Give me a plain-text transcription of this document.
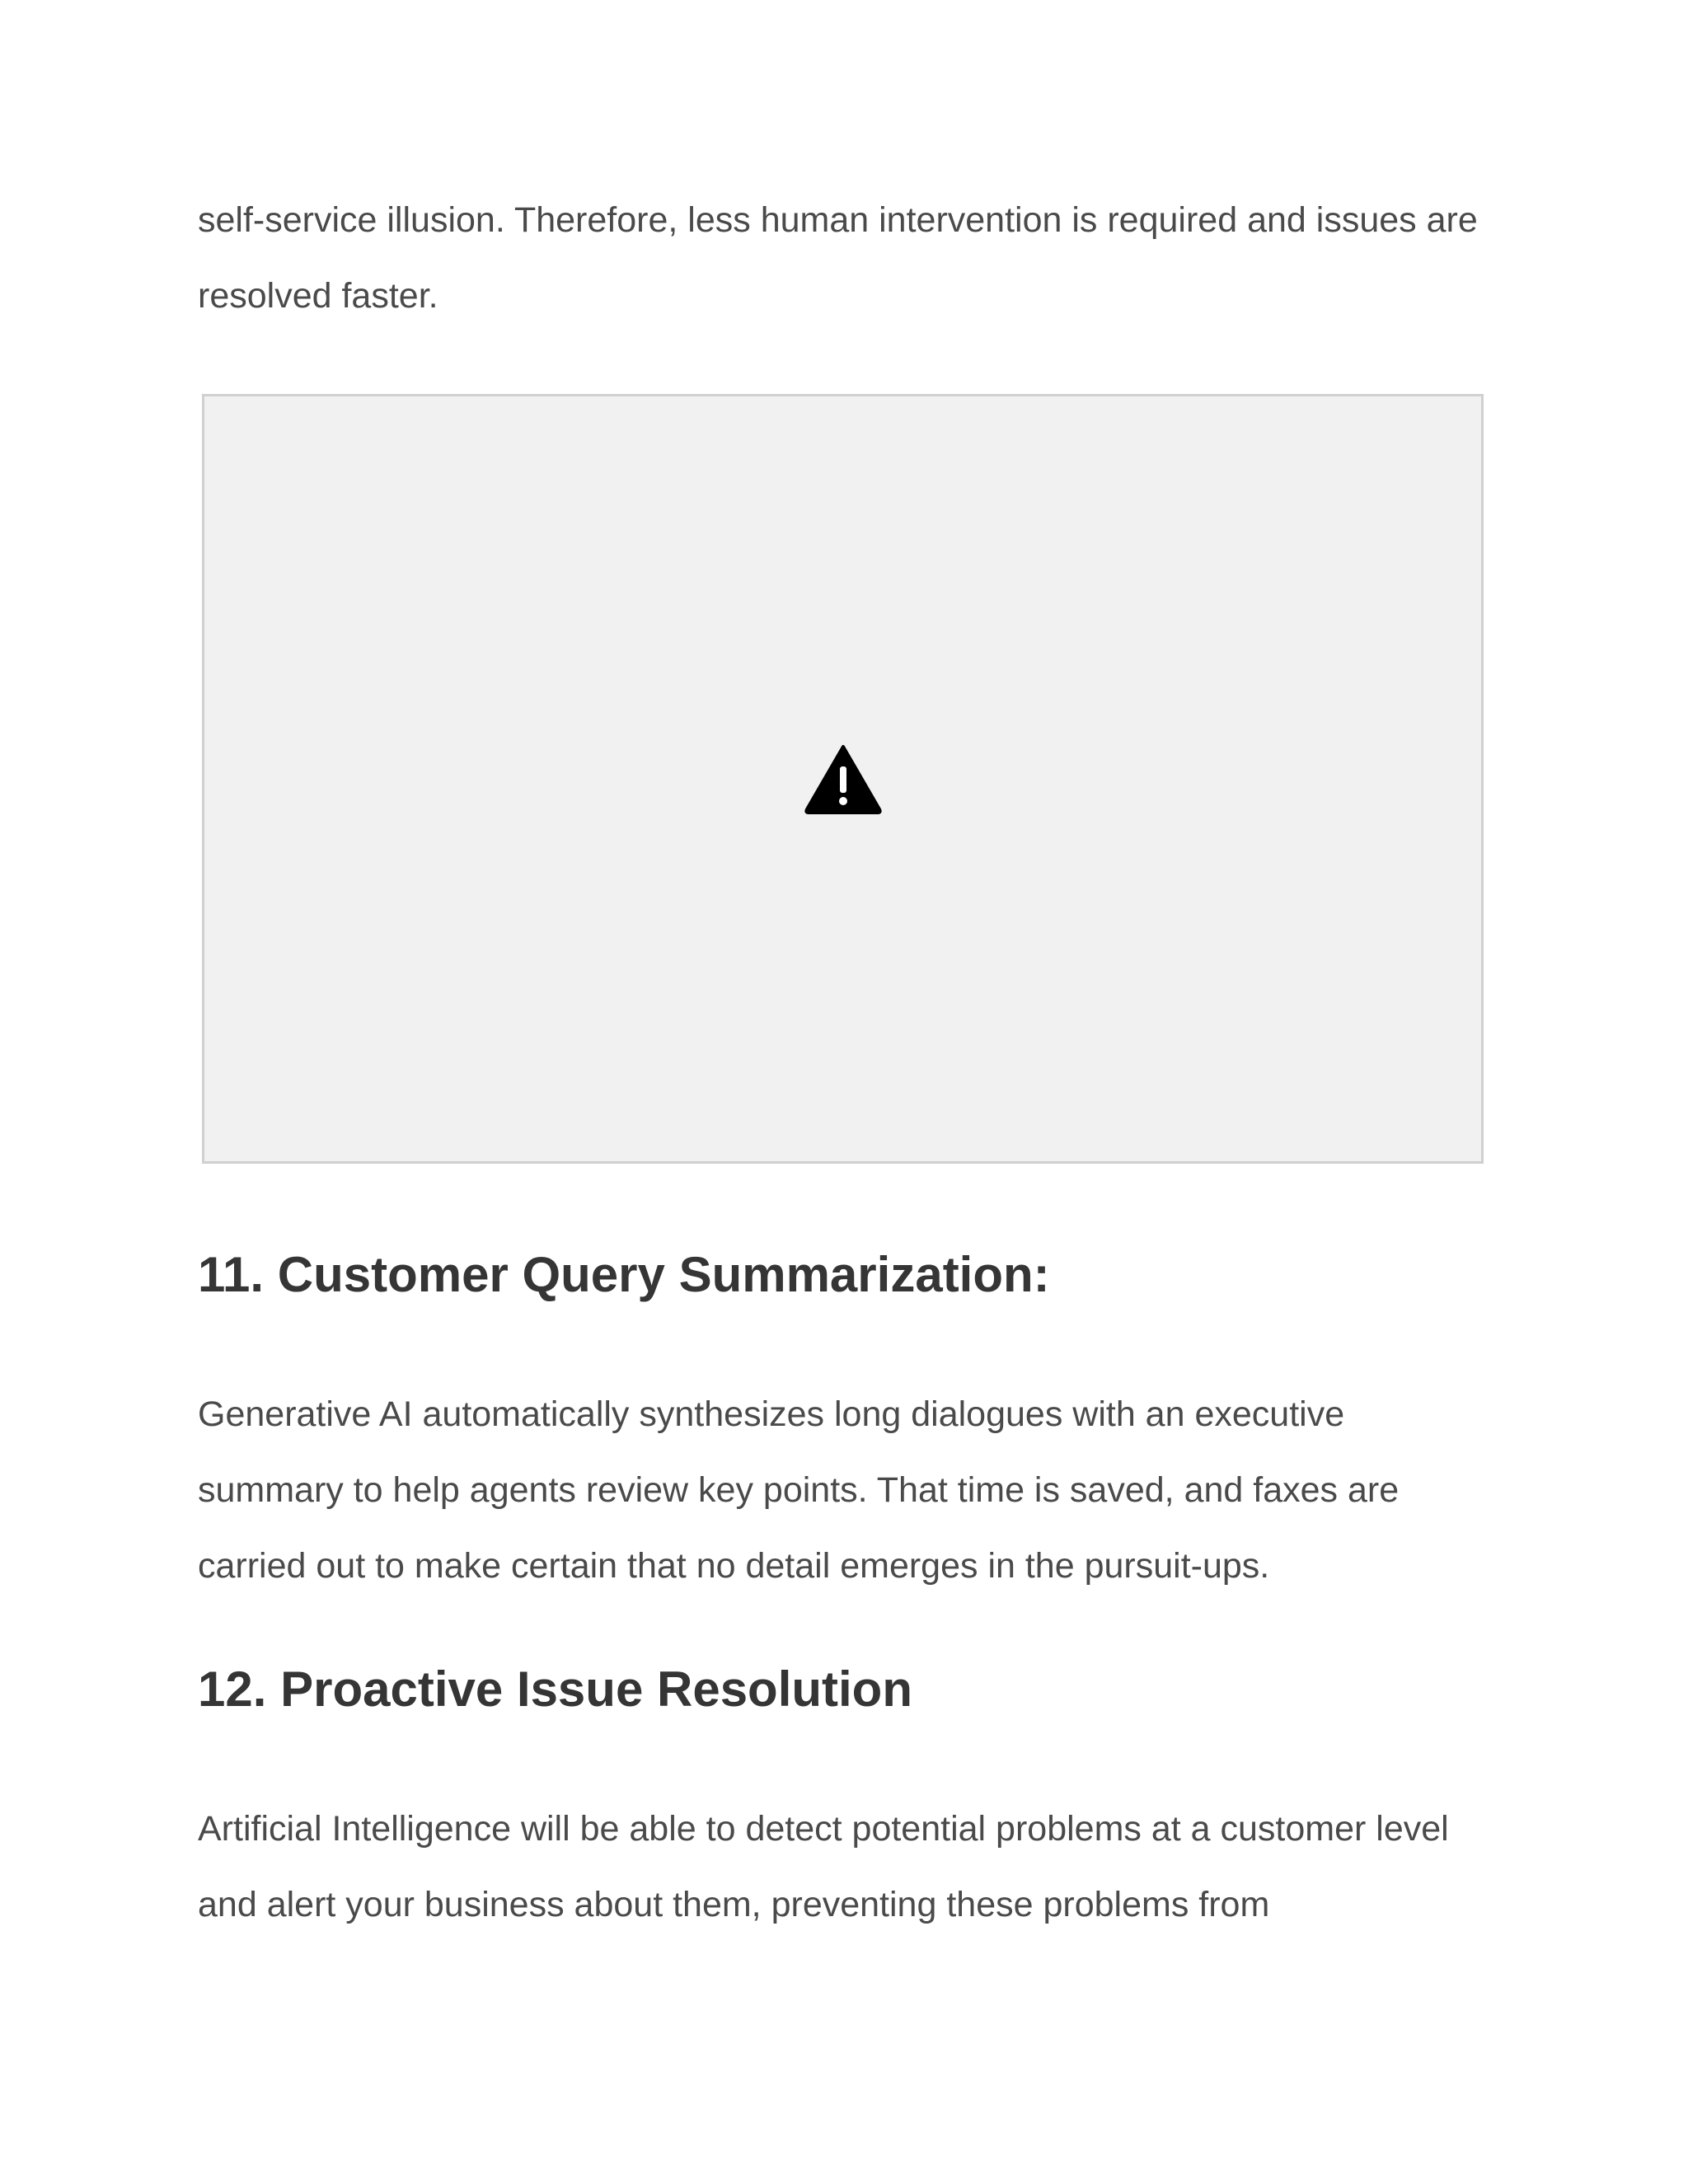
self-service illusion. Therefore, less human intervention is required and issues are resolved faster.

11. Customer Query Summarization:

Generative AI automatically synthesizes long dialogues with an executive summary to help agents review key points. That time is saved, and faxes are carried out to make certain that no detail emerges in the pursuit-ups.

12. Proactive Issue Resolution

Artificial Intelligence will be able to detect potential problems at a customer level and alert your business about them, preventing these problems from
